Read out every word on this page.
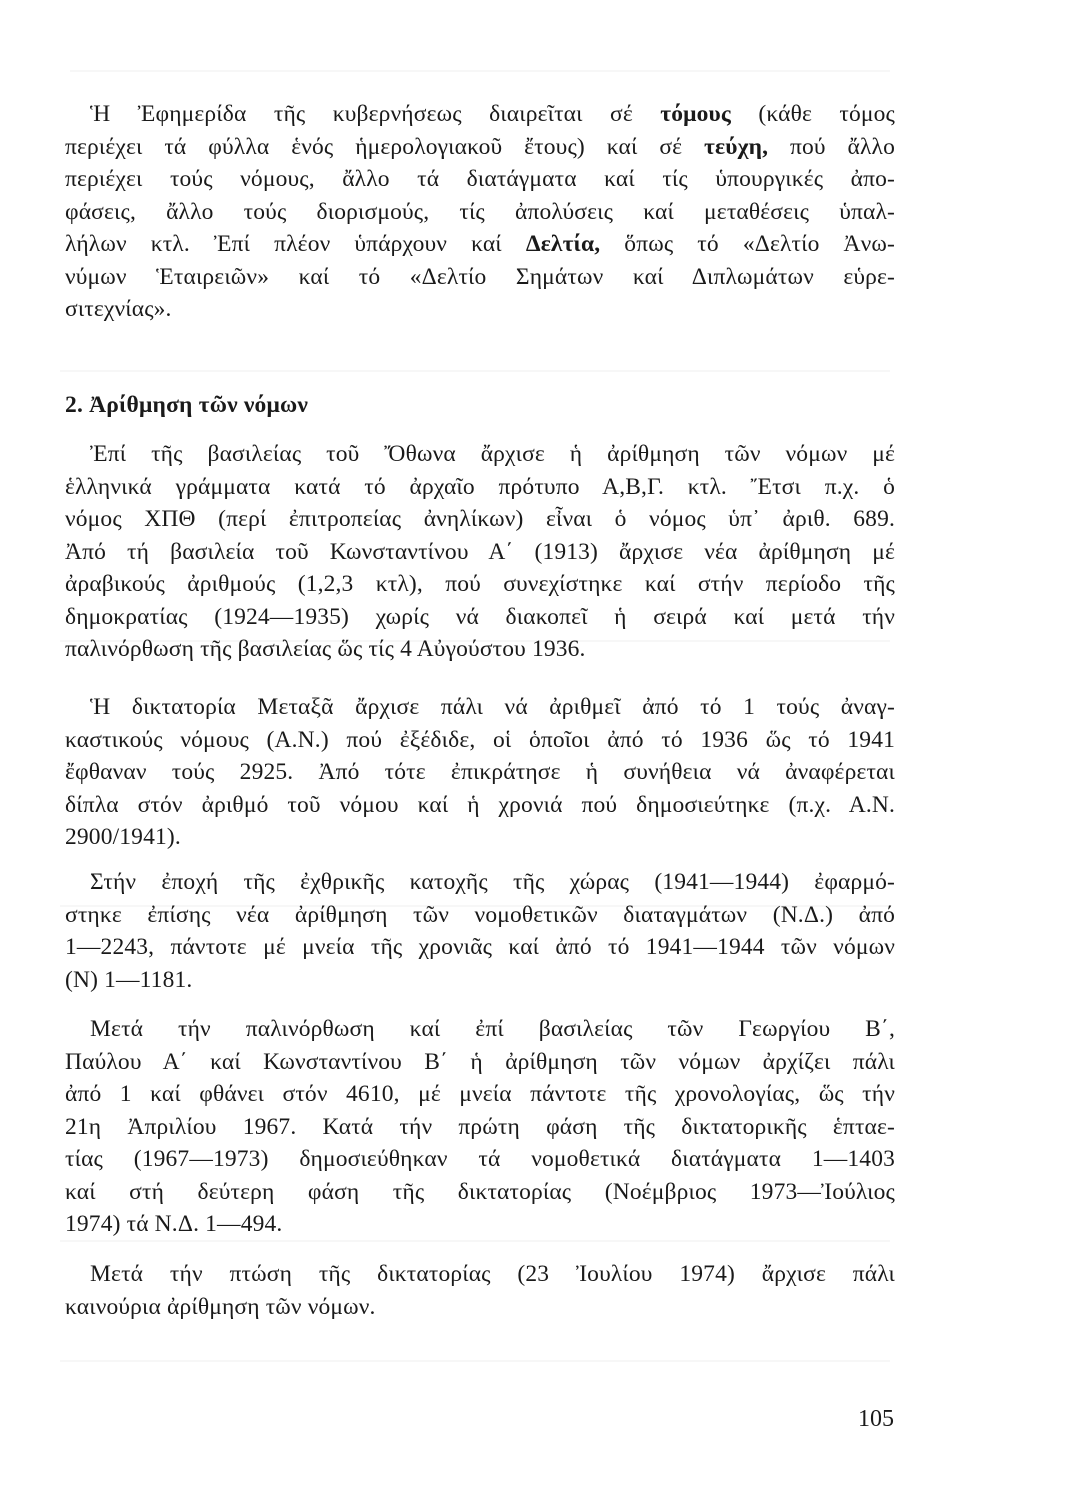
Ἡ Ἐφημερίδα τῆς κυβερνήσεως διαιρεῖται σέ τόμους (κάθε τόμος
περιέχει τά φύλλα ἑνός ἡμερολογιακοῦ ἔτους) καί σέ τεύχη, πού ἄλλο
περιέχει τούς νόμους, ἄλλο τά διατάγματα καί τίς ὑπουργικές ἀπο-
φάσεις, ἄλλο τούς διορισμούς, τίς ἀπολύσεις καί μεταθέσεις ὑπαλ-
λήλων κτλ. Ἐπί πλέον ὑπάρχουν καί Δελτία, ὅπως τό «Δελτίο Ἀνω-
νύμων Ἑταιρειῶν» καί τό «Δελτίο Σημάτων καί Διπλωμάτων εὑρε-
σιτεχνίας».
2. Ἀρίθμηση τῶν νόμων
Ἐπί τῆς βασιλείας τοῦ Ὄθωνα ἄρχισε ἡ ἀρίθμηση τῶν νόμων μέ
ἑλληνικά γράμματα κατά τό ἀρχαῖο πρότυπο Α,Β,Γ. κτλ. Ἔτσι π.χ. ὁ
νόμος ΧΠΘ (περί ἐπιτροπείας ἀνηλίκων) εἶναι ὁ νόμος ὑπ᾽ ἀριθ. 689.
Ἀπό τή βασιλεία τοῦ Κωνσταντίνου Α΄ (1913) ἄρχισε νέα ἀρίθμηση μέ
ἀραβικούς ἀριθμούς (1,2,3 κτλ), πού συνεχίστηκε καί στήν περίοδο τῆς
δημοκρατίας (1924—1935) χωρίς νά διακοπεῖ ἡ σειρά καί μετά τήν
παλινόρθωση τῆς βασιλείας ὥς τίς 4 Αὐγούστου 1936.
Ἡ δικτατορία Μεταξᾶ ἄρχισε πάλι νά ἀριθμεῖ ἀπό τό 1 τούς ἀναγ-
καστικούς νόμους (Α.Ν.) πού ἐξέδιδε, οἱ ὁποῖοι ἀπό τό 1936 ὥς τό 1941
ἔφθαναν τούς 2925. Ἀπό τότε ἐπικράτησε ἡ συνήθεια νά ἀναφέρεται
δίπλα στόν ἀριθμό τοῦ νόμου καί ἡ χρονιά πού δημοσιεύτηκε (π.χ. Α.Ν.
2900/1941).
Στήν ἐποχή τῆς ἐχθρικῆς κατοχῆς τῆς χώρας (1941—1944) ἐφαρμό-
στηκε ἐπίσης νέα ἀρίθμηση τῶν νομοθετικῶν διαταγμάτων (Ν.Δ.) ἀπό
1—2243, πάντοτε μέ μνεία τῆς χρονιᾶς καί ἀπό τό 1941—1944 τῶν νόμων
(Ν) 1—1181.
Μετά τήν παλινόρθωση καί ἐπί βασιλείας τῶν Γεωργίου Β΄,
Παύλου Α΄ καί Κωνσταντίνου Β΄ ἡ ἀρίθμηση τῶν νόμων ἀρχίζει πάλι
ἀπό 1 καί φθάνει στόν 4610, μέ μνεία πάντοτε τῆς χρονολογίας, ὥς τήν
21η Ἀπριλίου 1967. Κατά τήν πρώτη φάση τῆς δικτατορικῆς ἑπταε-
τίας (1967—1973) δημοσιεύθηκαν τά νομοθετικά διατάγματα 1—1403
καί στή δεύτερη φάση τῆς δικτατορίας (Νοέμβριος 1973—Ἰούλιος
1974) τά Ν.Δ. 1—494.
Μετά τήν πτώση τῆς δικτατορίας (23 Ἰουλίου 1974) ἄρχισε πάλι
καινούρια ἀρίθμηση τῶν νόμων.
105
